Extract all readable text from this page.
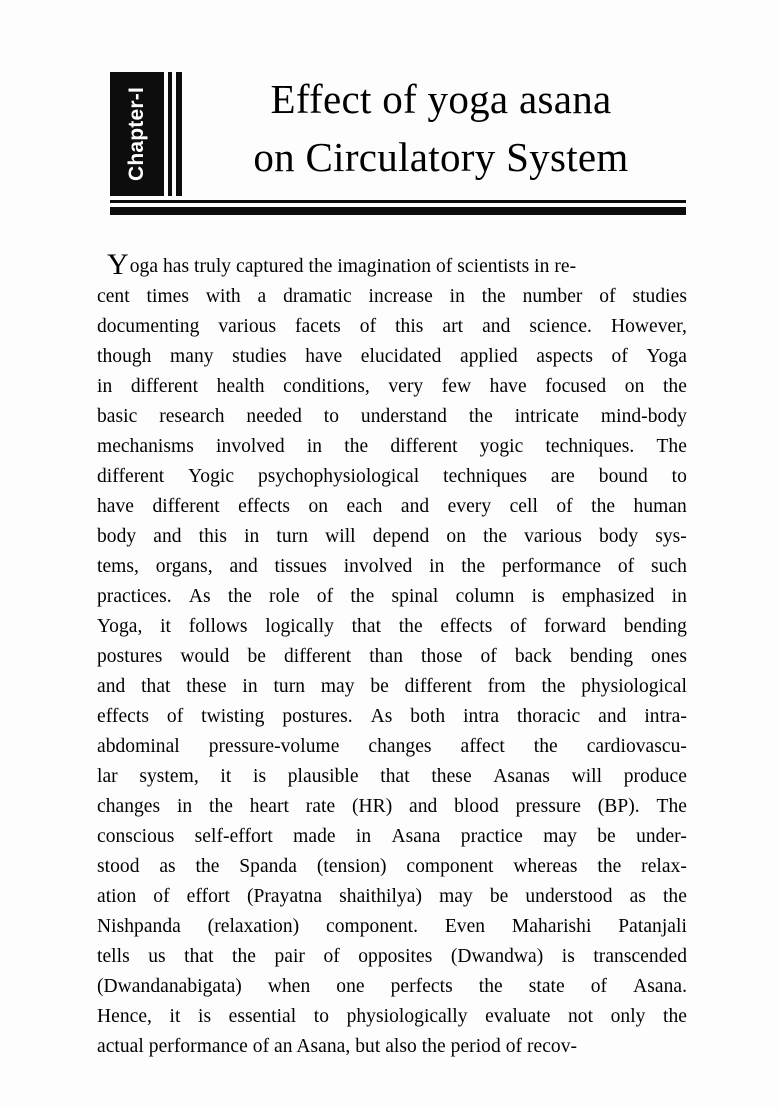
Chapter-I	Effect of yoga asana
on Circulatory System
Yoga has truly captured the imagination of scientists in re-
cent times with a dramatic increase in the number of studies
documenting various facets of this art and science. However,
though many studies have elucidated applied aspects of Yoga
in different health conditions, very few have focused on the
basic research needed to understand the intricate mind-body
mechanisms involved in the different yogic techniques. The
different Yogic psychophysiological techniques are bound to
have different effects on each and every cell of the human
body and this in turn will depend on the various body sys-
tems, organs, and tissues involved in the performance of such
practices. As the role of the spinal column is emphasized in
Yoga, it follows logically that the effects of forward bending
postures would be different than those of back bending ones
and that these in turn may be different from the physiological
effects of twisting postures. As both intra thoracic and intra-
abdominal pressure-volume changes affect the cardiovascu-
lar system, it is plausible that these Asanas will produce
changes in the heart rate (HR) and blood pressure (BP). The
conscious self-effort made in Asana practice may be under-
stood as the Spanda (tension) component whereas the relax-
ation of effort (Prayatna shaithilya) may be understood as the
Nishpanda (relaxation) component. Even Maharishi Patanjali
tells us that the pair of opposites (Dwandwa) is transcended
(Dwandanabigata) when one perfects the state of Asana.
Hence, it is essential to physiologically evaluate not only the
actual performance of an Asana, but also the period of recov-
